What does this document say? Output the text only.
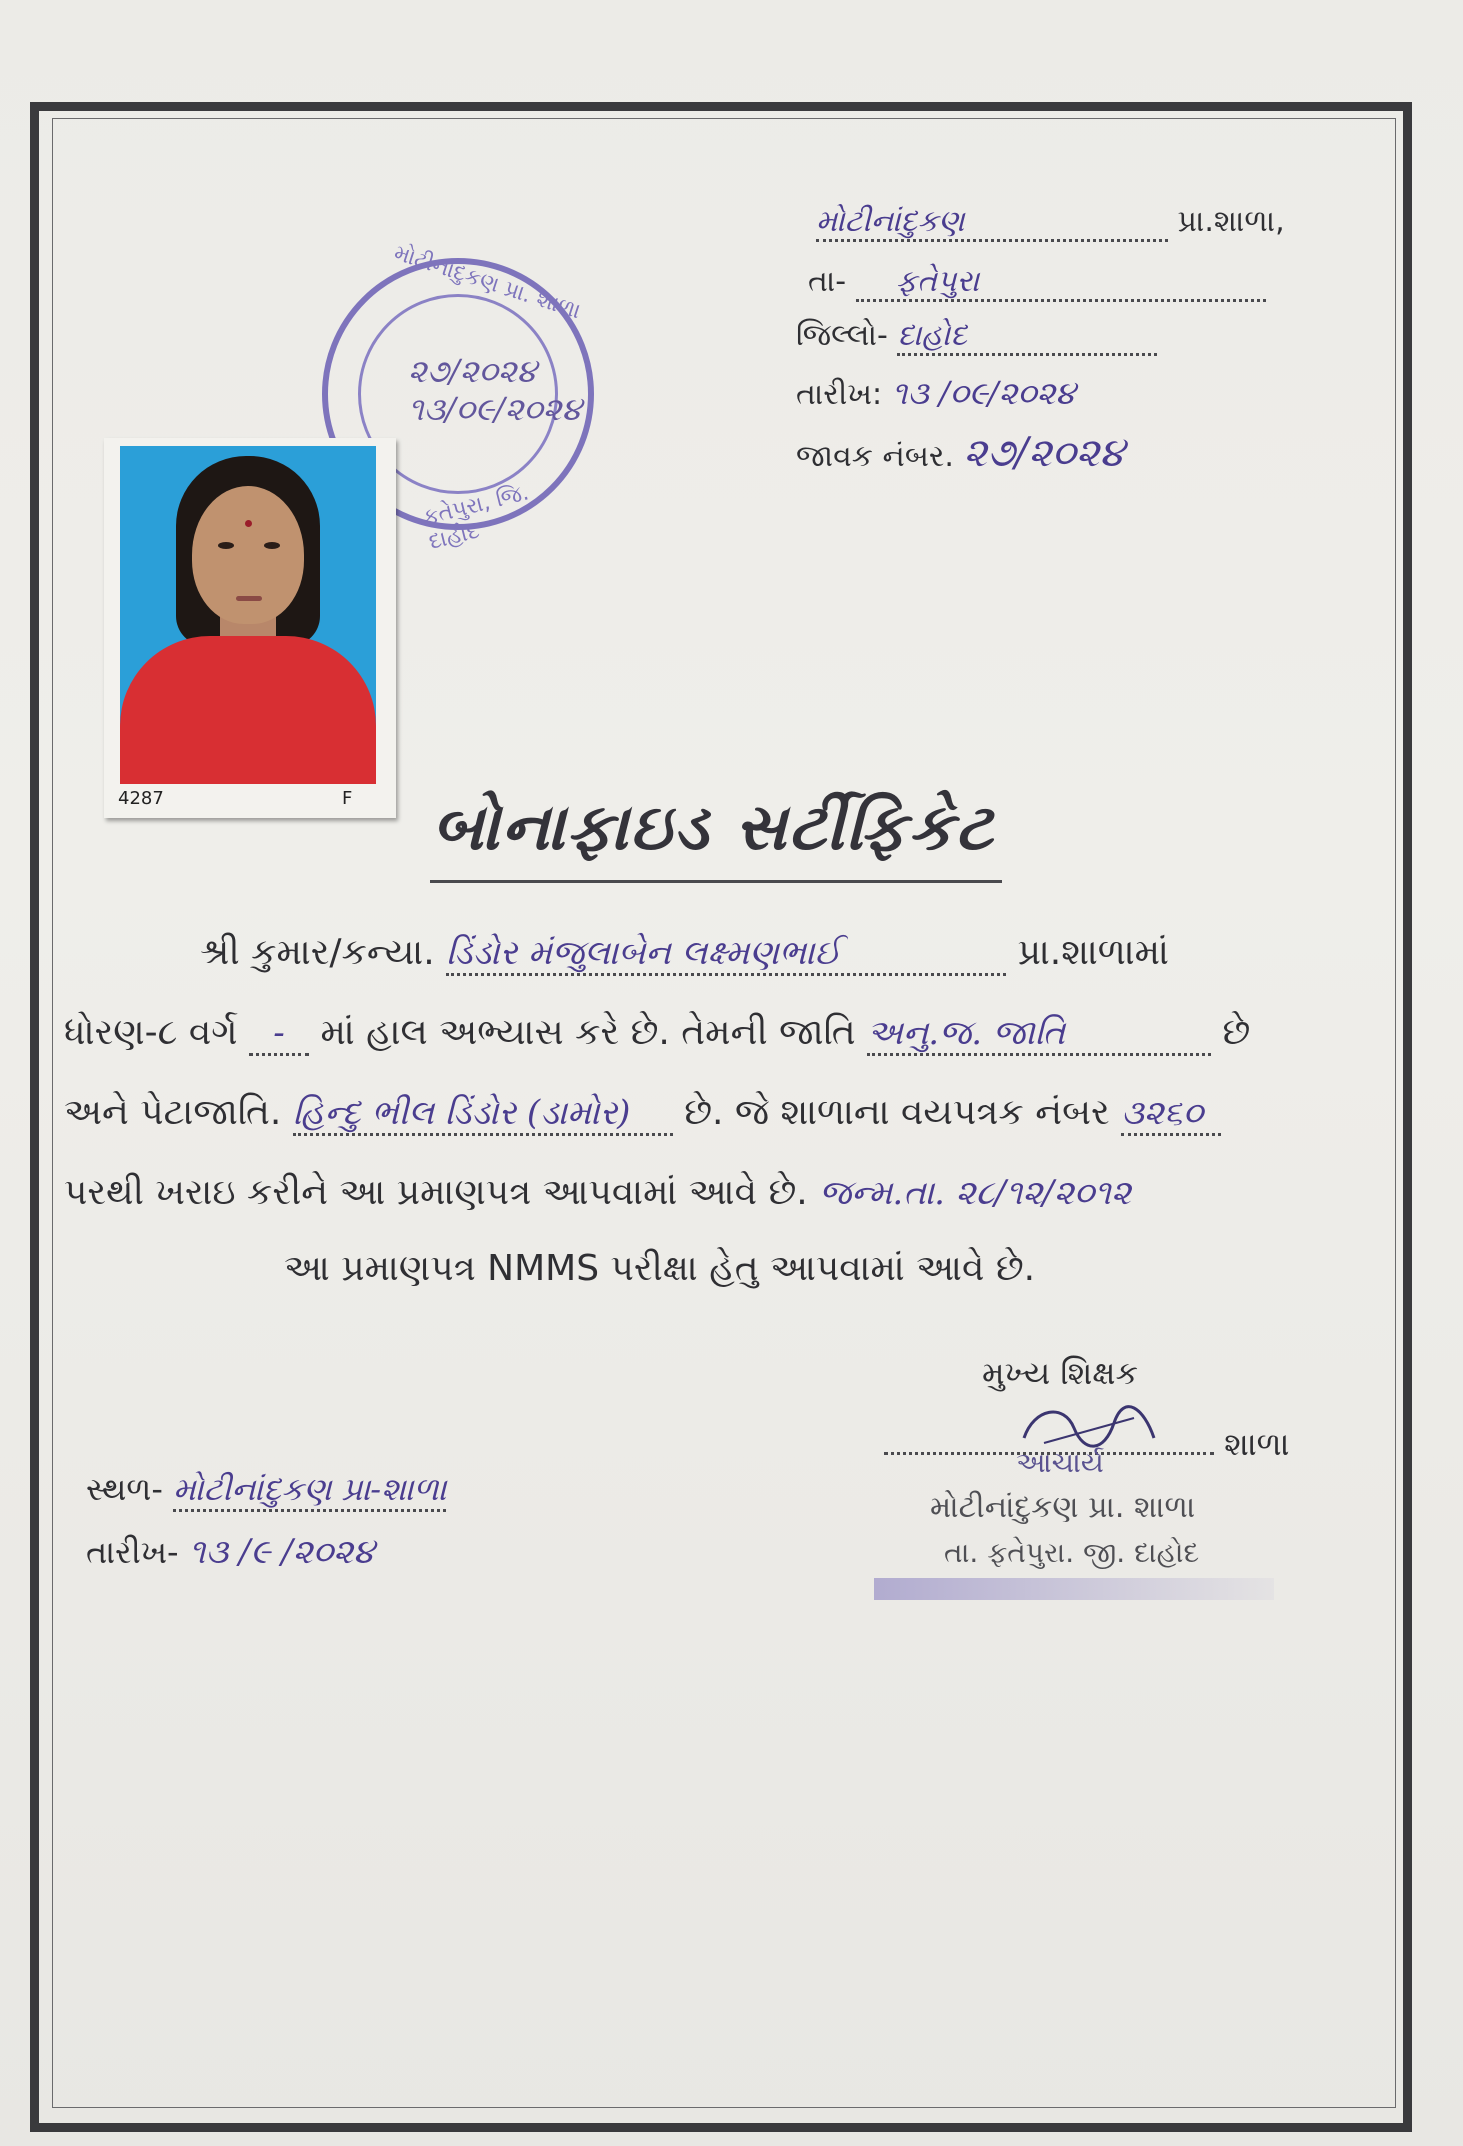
મોટીનાંદુકણ	પ્રા.શાળા,
તા- ફતેપુરા
જિલ્લો- દાહોદ
તારીખ: ૧૩ /૦૯/૨૦૨૪
જાવક નંબર. ૨૭/૨૦૨૪
મોટીનાંદુકણ પ્રા. શાળા
૨૭/૨૦૨૪
૧૩/૦૯/૨૦૨૪
ફતેપુરા, જિ. દાહોદ
4287	F બોનાફાઇડ સર્ટીફિકેટ
શ્રી કુમાર/કન્યા. ડિંડોર મંજુલાબેન લક્ષ્મણભાઈ	પ્રા.શાળામાં
ધોરણ-૮ વર્ગ - માં હાલ અભ્યાસ કરે છે. તેમની જાતિ અનુ.જ. જાતિ	છે
અને પેટાજાતિ. હિન્દુ ભીલ ડિંડોર (ડામોર) છે. જે શાળાના વયપત્રક નંબર ૩૨૬૦
પરથી ખરાઇ કરીને આ પ્રમાણપત્ર આપવામાં આવે છે. જન્મ.તા. ૨૮/૧૨/૨૦૧૨
આ પ્રમાણપત્ર NMMS પરીક્ષા હેતુ આપવામાં આવે છે.
મુખ્ય શિક્ષક
શાળા
આચાર્ય
મોટીનાંદુકણ પ્રા. શાળા
તા. ફતેપુરા. જી. દાહોદ
સ્થળ- મોટીનાંદુકણ પ્રા-શાળા
તારીખ- ૧૩ /૯ /૨૦૨૪
